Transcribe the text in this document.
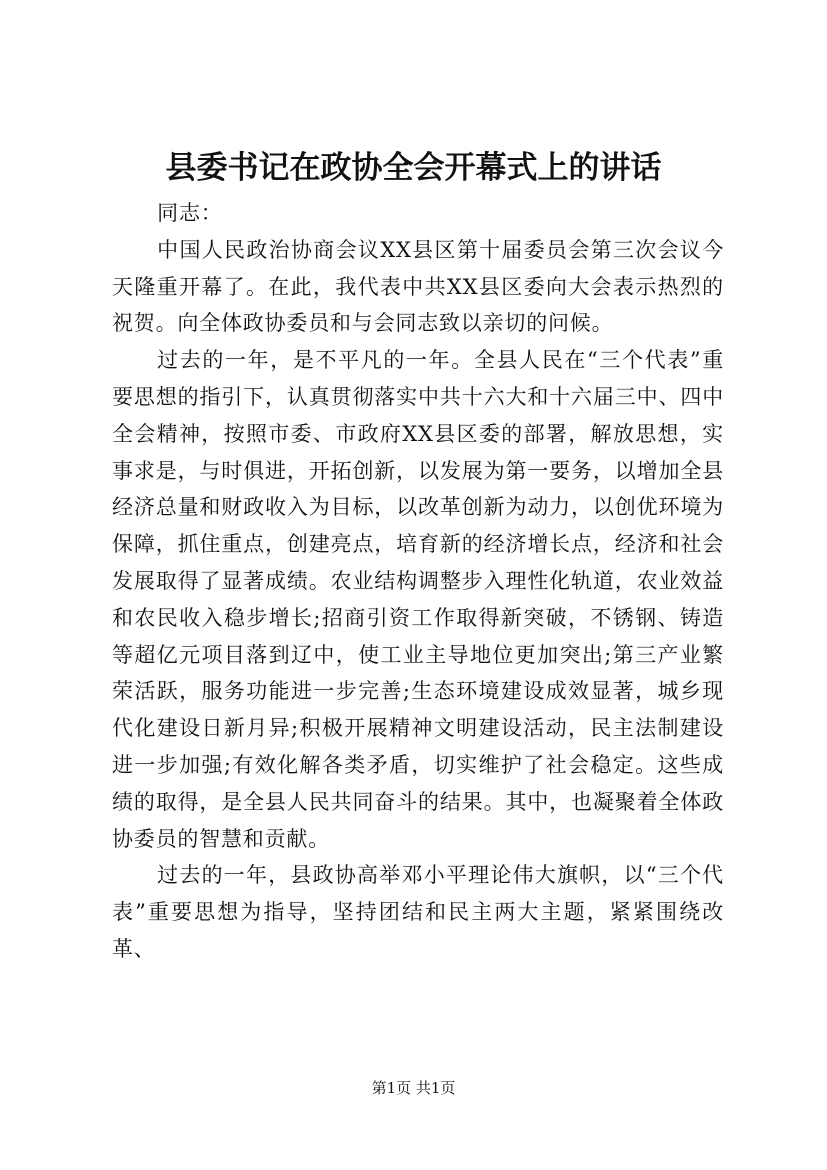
县委书记在政协全会开幕式上的讲话

同志：

中国人民政治协商会议XX县区第十届委员会第三次会议今天隆重开幕了。在此，我代表中共XX县区委向大会表示热烈的祝贺。向全体政协委员和与会同志致以亲切的问候。

过去的一年，是不平凡的一年。全县人民在“三个代表”重要思想的指引下，认真贯彻落实中共十六大和十六届三中、四中全会精神，按照市委、市政府XX县区委的部署，解放思想，实事求是，与时俱进，开拓创新，以发展为第一要务，以增加全县经济总量和财政收入为目标，以改革创新为动力，以创优环境为保障，抓住重点，创建亮点，培育新的经济增长点，经济和社会发展取得了显著成绩。农业结构调整步入理性化轨道，农业效益和农民收入稳步增长;招商引资工作取得新突破，不锈钢、铸造等超亿元项目落到辽中，使工业主导地位更加突出;第三产业繁荣活跃，服务功能进一步完善;生态环境建设成效显著，城乡现代化建设日新月异;积极开展精神文明建设活动，民主法制建设进一步加强;有效化解各类矛盾，切实维护了社会稳定。这些成绩的取得，是全县人民共同奋斗的结果。其中，也凝聚着全体政协委员的智慧和贡献。

过去的一年，县政协高举邓小平理论伟大旗帜，以“三个代表”重要思想为指导，坚持团结和民主两大主题，紧紧围绕改革、

第1页 共1页
